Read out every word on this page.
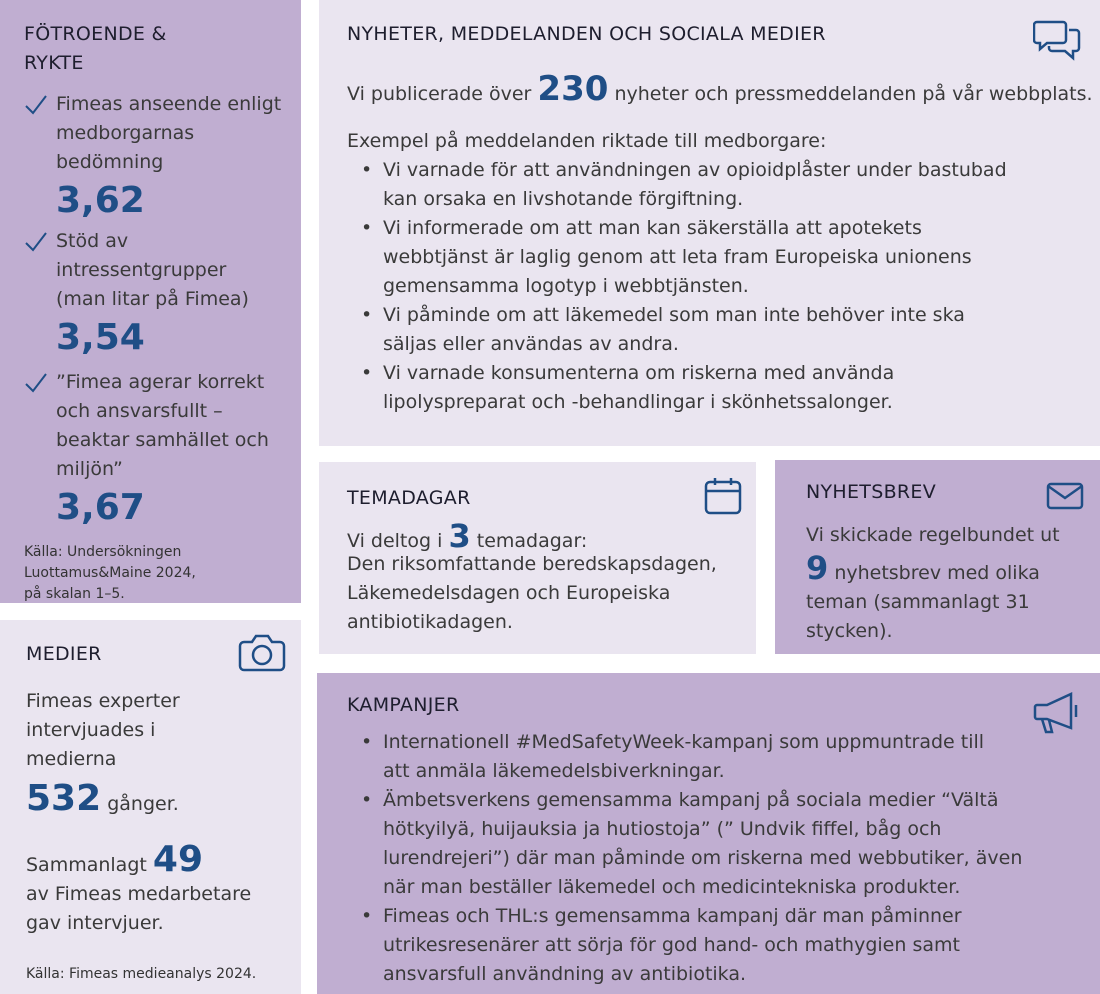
FÖTROENDE &
RYKTE
Fimeas anseende enligt
medborgarnas
bedömning
3,62
Stöd av
intressentgrupper
(man litar på Fimea)
3,54
”Fimea agerar korrekt
och ansvarsfullt –
beaktar samhället och
miljön”
3,67
Källa: Undersökningen
Luottamus&Maine 2024,
på skalan 1–5.
MEDIER
Fimeas experter
intervjuades i
medierna
532 gånger.
Sammanlagt 49
av Fimeas medarbetare
gav intervjuer.
Källa: Fimeas medieanalys 2024.
NYHETER, MEDDELANDEN OCH SOCIALA MEDIER
Vi publicerade över 230 nyheter och pressmeddelanden på vår webbplats.
Exempel på meddelanden riktade till medborgare:
• Vi varnade för att användningen av opioidplåster under bastubad
kan orsaka en livshotande förgiftning.
• Vi informerade om att man kan säkerställa att apotekets
webbtjänst är laglig genom att leta fram Europeiska unionens
gemensamma logotyp i webbtjänsten.
• Vi påminde om att läkemedel som man inte behöver inte ska
säljas eller användas av andra.
• Vi varnade konsumenterna om riskerna med använda
lipolyspreparat och -behandlingar i skönhetssalonger.
TEMADAGAR
Vi deltog i 3 temadagar:
Den riksomfattande beredskapsdagen,
Läkemedelsdagen och Europeiska
antibiotikadagen.
NYHETSBREV
Vi skickade regelbundet ut
9 nyhetsbrev med olika
teman (sammanlagt 31
stycken).
KAMPANJER
• Internationell #MedSafetyWeek-kampanj som uppmuntrade till
att anmäla läkemedelsbiverkningar.
• Ämbetsverkens gemensamma kampanj på sociala medier “Vältä
hötkyilyä, huijauksia ja hutiostoja” (” Undvik fiffel, båg och
lurendrejeri”) där man påminde om riskerna med webbutiker, även
när man beställer läkemedel och medicintekniska produkter.
• Fimeas och THL:s gemensamma kampanj där man påminner
utrikesresenärer att sörja för god hand- och mathygien samt
ansvarsfull användning av antibiotika.
